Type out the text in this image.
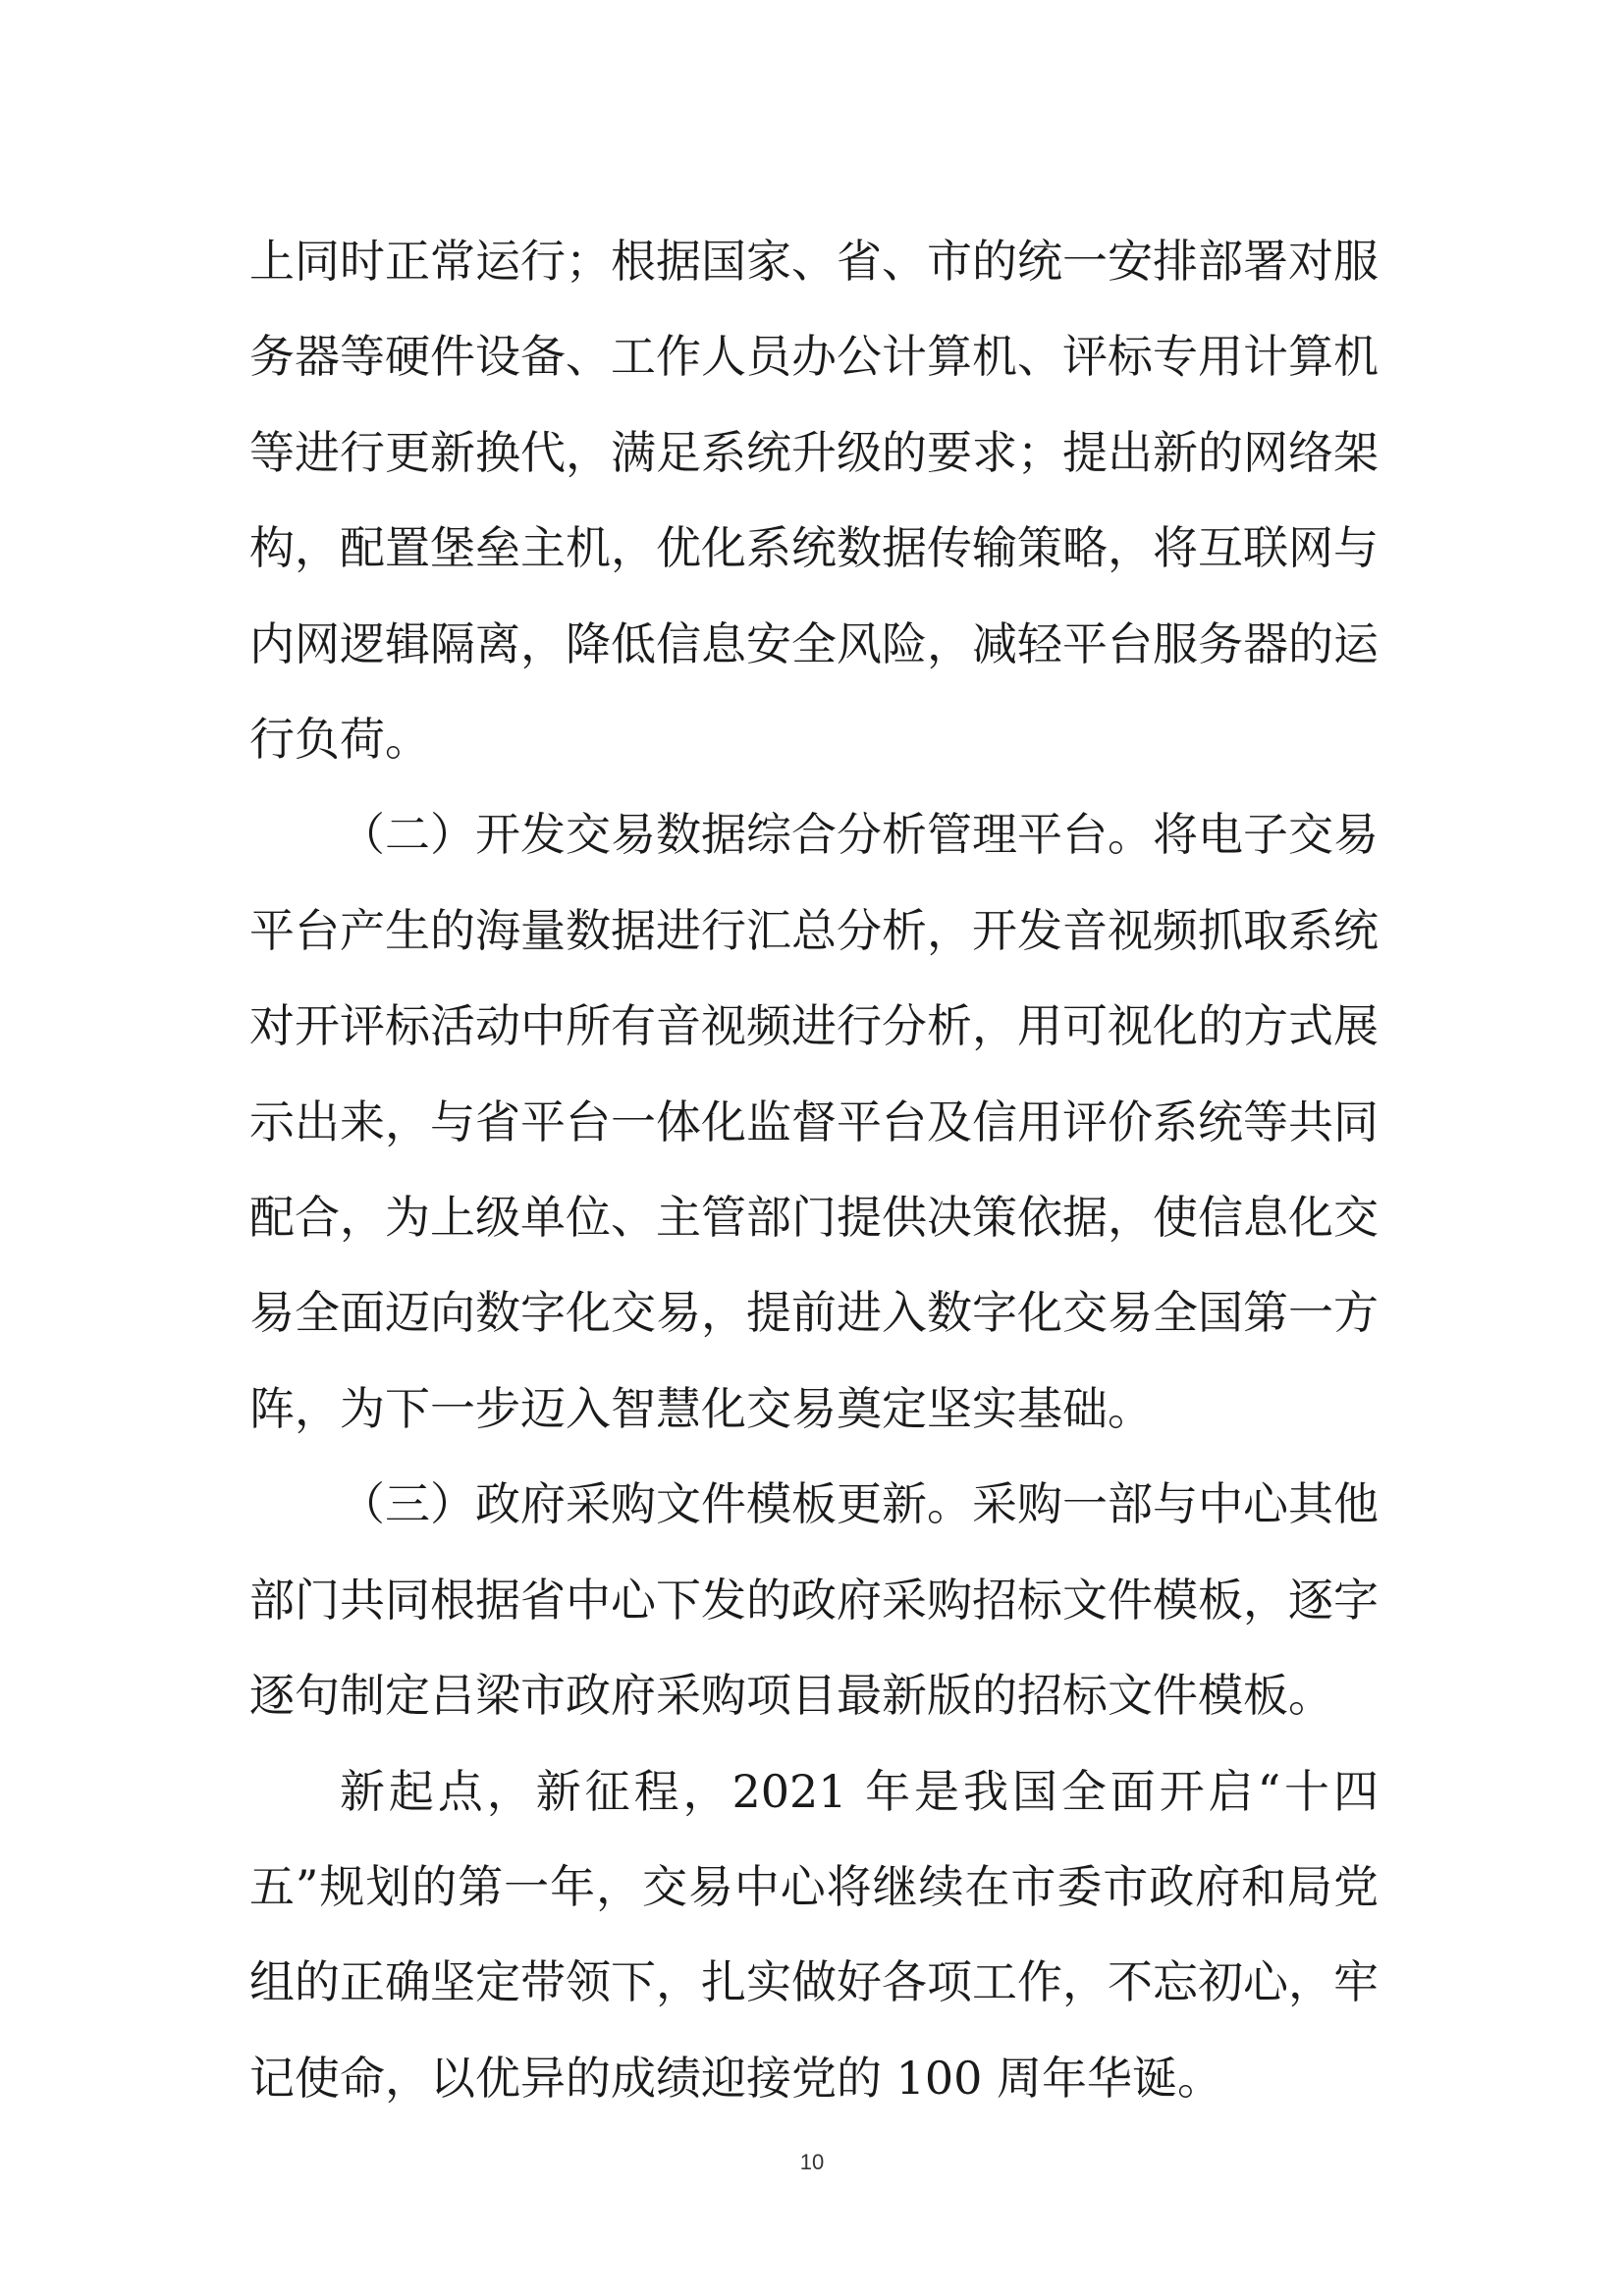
上同时正常运行；根据国家、省、市的统一安排部署对服务器等硬件设备、工作人员办公计算机、评标专用计算机等进行更新换代，满足系统升级的要求；提出新的网络架构，配置堡垒主机，优化系统数据传输策略，将互联网与内网逻辑隔离，降低信息安全风险，减轻平台服务器的运行负荷。

（二）开发交易数据综合分析管理平台。将电子交易平台产生的海量数据进行汇总分析，开发音视频抓取系统对开评标活动中所有音视频进行分析，用可视化的方式展示出来，与省平台一体化监督平台及信用评价系统等共同配合，为上级单位、主管部门提供决策依据，使信息化交易全面迈向数字化交易，提前进入数字化交易全国第一方阵，为下一步迈入智慧化交易奠定坚实基础。

（三）政府采购文件模板更新。采购一部与中心其他部门共同根据省中心下发的政府采购招标文件模板，逐字逐句制定吕梁市政府采购项目最新版的招标文件模板。

新起点，新征程，2021 年是我国全面开启“十四五”规划的第一年，交易中心将继续在市委市政府和局党组的正确坚定带领下，扎实做好各项工作，不忘初心，牢记使命，以优异的成绩迎接党的 100 周年华诞。

10
